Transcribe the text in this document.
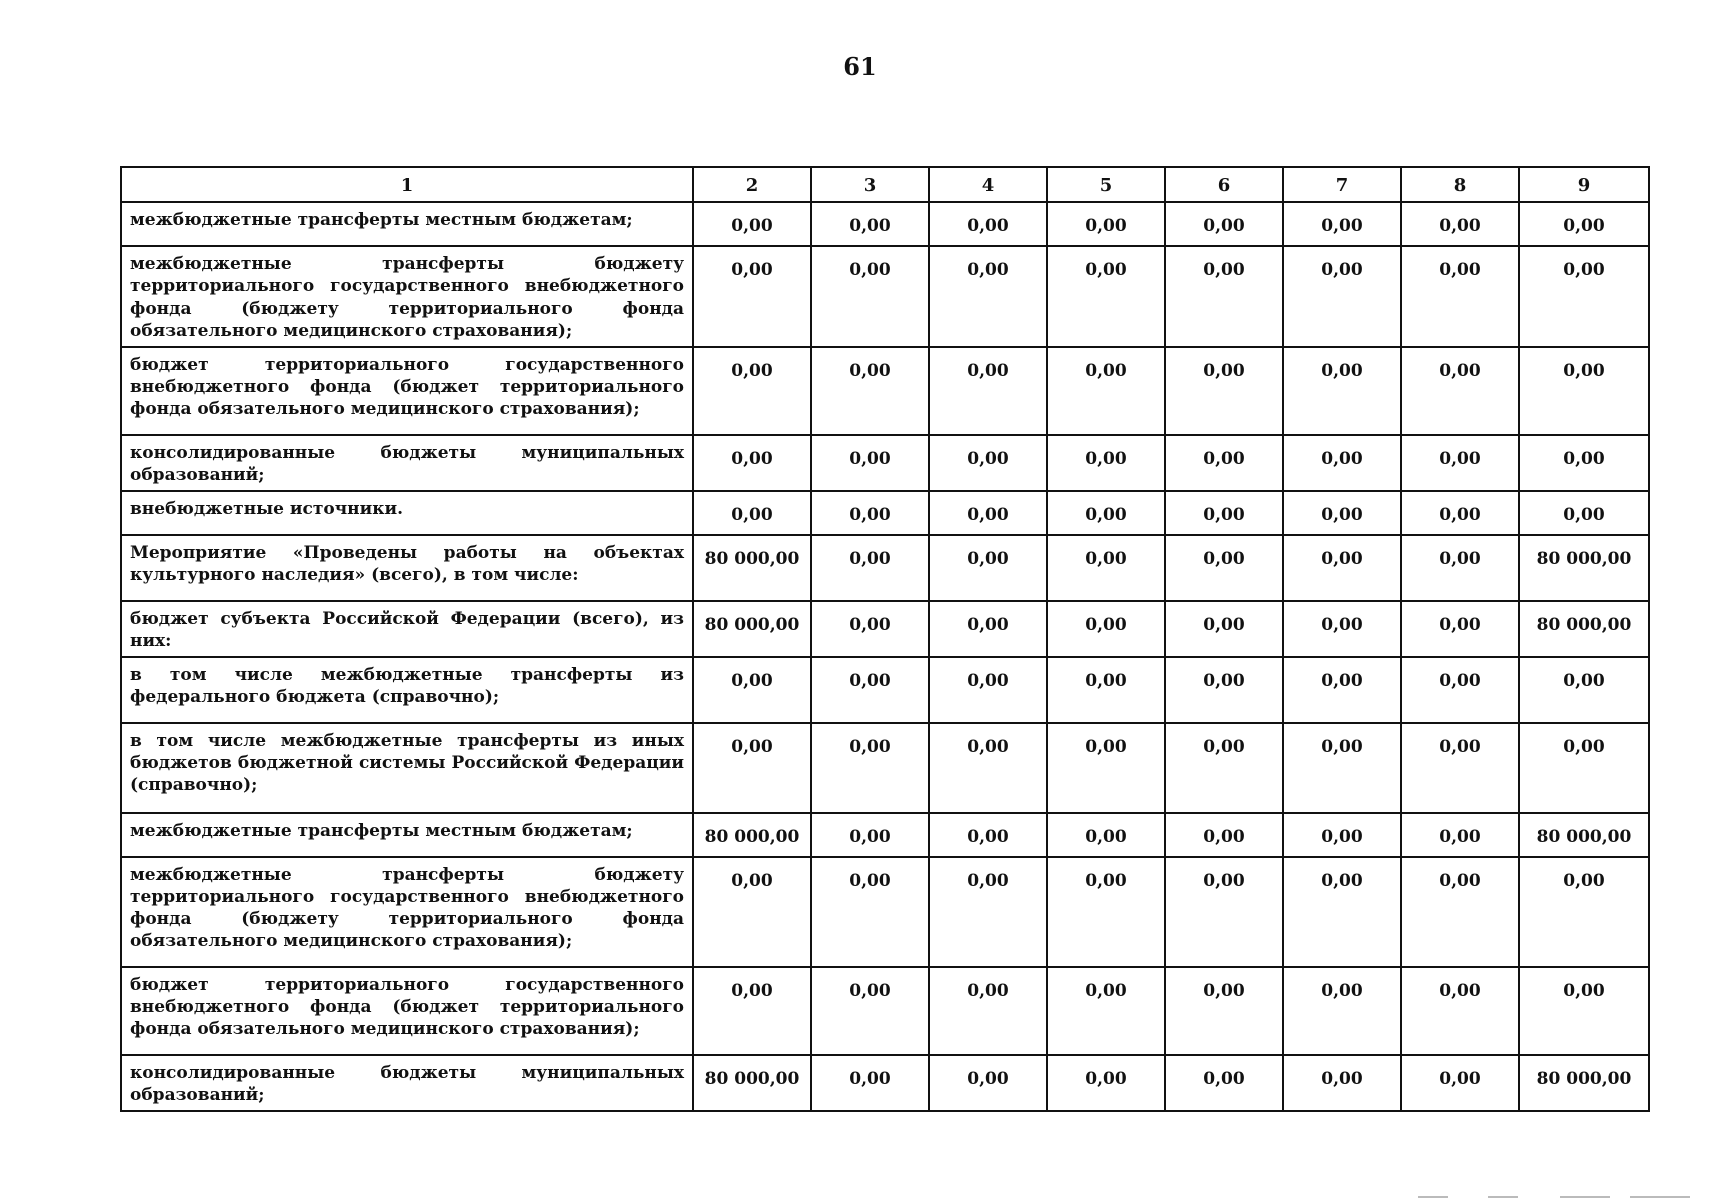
61
1	2	3	4	5	6	7	8	9
межбюджетные трансферты местным бюджетам;	0,00	0,00	0,00	0,00	0,00	0,00	0,00	0,00
межбюджетные трансферты бюджету территориального государственного внебюджетного фонда (бюджету территориального фонда обязательного медицинского страхования);	0,00	0,00	0,00	0,00	0,00	0,00	0,00	0,00
бюджет территориального государственного внебюджетного фонда (бюджет территориального фонда обязательного медицинского страхования);	0,00	0,00	0,00	0,00	0,00	0,00	0,00	0,00
консолидированные бюджеты муниципальных образований;	0,00	0,00	0,00	0,00	0,00	0,00	0,00	0,00
внебюджетные источники.	0,00	0,00	0,00	0,00	0,00	0,00	0,00	0,00
Мероприятие «Проведены работы на объектах культурного наследия» (всего), в том числе:	80 000,00	0,00	0,00	0,00	0,00	0,00	0,00	80 000,00
бюджет субъекта Российской Федерации (всего), из них:	80 000,00	0,00	0,00	0,00	0,00	0,00	0,00	80 000,00
в том числе межбюджетные трансферты из федерального бюджета (справочно);	0,00	0,00	0,00	0,00	0,00	0,00	0,00	0,00
в том числе межбюджетные трансферты из иных бюджетов бюджетной системы Российской Федерации (справочно);	0,00	0,00	0,00	0,00	0,00	0,00	0,00	0,00
межбюджетные трансферты местным бюджетам;	80 000,00	0,00	0,00	0,00	0,00	0,00	0,00	80 000,00
межбюджетные трансферты бюджету территориального государственного внебюджетного фонда (бюджету территориального фонда обязательного медицинского страхования);	0,00	0,00	0,00	0,00	0,00	0,00	0,00	0,00
бюджет территориального государственного внебюджетного фонда (бюджет территориального фонда обязательного медицинского страхования);	0,00	0,00	0,00	0,00	0,00	0,00	0,00	0,00
консолидированные бюджеты муниципальных образований;	80 000,00	0,00	0,00	0,00	0,00	0,00	0,00	80 000,00
